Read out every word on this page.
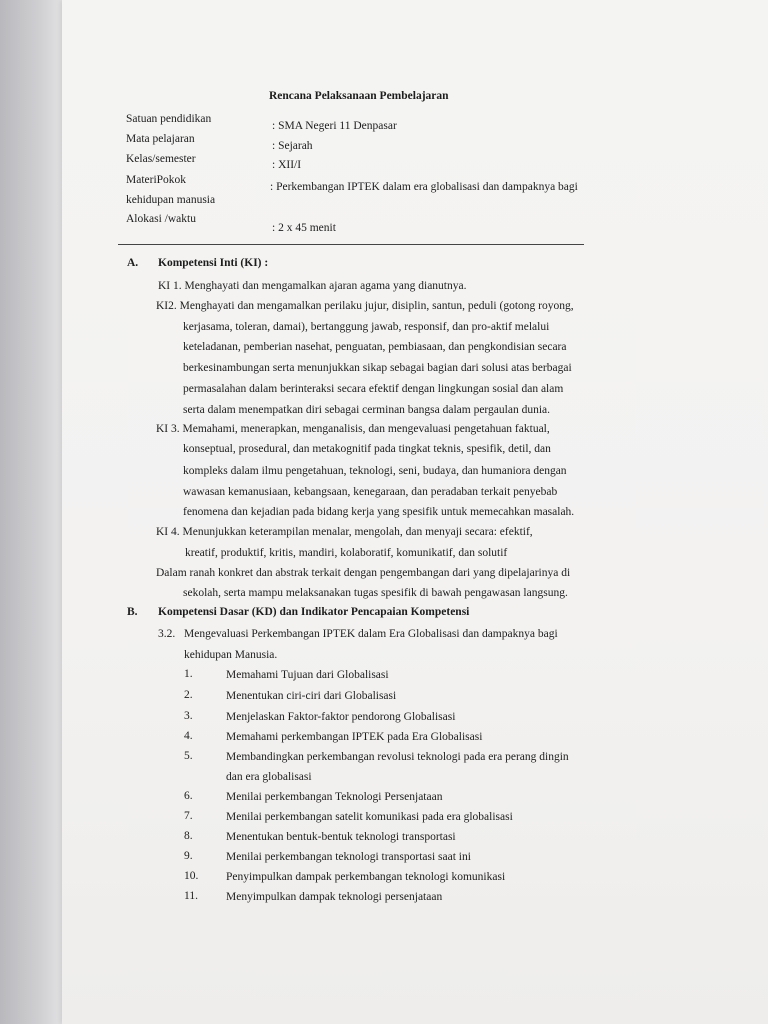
Rencana Pelaksanaan Pembelajaran
Satuan pendidikan
: SMA Negeri 11 Denpasar
Mata pelajaran
: Sejarah
Kelas/semester	: XII/I
MateriPokok
: Perkembangan IPTEK dalam era globalisasi dan dampaknya bagi
kehidupan manusia
Alokasi /waktu
: 2 x 45 menit
A. Kompetensi Inti (KI) :
KI 1. Menghayati dan mengamalkan ajaran agama yang dianutnya.
KI2. Menghayati dan mengamalkan perilaku jujur, disiplin, santun, peduli (gotong royong,
kerjasama, toleran, damai), bertanggung jawab, responsif, dan pro-aktif melalui
keteladanan, pemberian nasehat, penguatan, pembiasaan, dan pengkondisian secara
berkesinambungan serta menunjukkan sikap sebagai bagian dari solusi atas berbagai
permasalahan dalam berinteraksi secara efektif dengan lingkungan sosial dan alam
serta dalam menempatkan diri sebagai cerminan bangsa dalam pergaulan dunia.
KI 3. Memahami, menerapkan, menganalisis, dan mengevaluasi pengetahuan faktual,
konseptual, prosedural, dan metakognitif pada tingkat teknis, spesifik, detil, dan
kompleks dalam ilmu pengetahuan, teknologi, seni, budaya, dan humaniora dengan
wawasan kemanusiaan, kebangsaan, kenegaraan, dan peradaban terkait penyebab
fenomena dan kejadian pada bidang kerja yang spesifik untuk memecahkan masalah.
KI 4. Menunjukkan keterampilan menalar, mengolah, dan menyaji secara: efektif,
kreatif, produktif, kritis, mandiri, kolaboratif, komunikatif, dan solutif
Dalam ranah konkret dan abstrak terkait dengan pengembangan dari yang dipelajarinya di
sekolah, serta mampu melaksanakan tugas spesifik di bawah pengawasan langsung.
B. Kompetensi Dasar (KD) dan Indikator Pencapaian Kompetensi
3.2. Mengevaluasi Perkembangan IPTEK dalam Era Globalisasi dan dampaknya bagi
kehidupan Manusia.
1.	Memahami Tujuan dari Globalisasi
2.	Menentukan ciri-ciri dari Globalisasi
3.	Menjelaskan Faktor-faktor pendorong Globalisasi
4.	Memahami perkembangan IPTEK pada Era Globalisasi
5.	Membandingkan perkembangan revolusi teknologi pada era perang dingin
dan era globalisasi
6.	Menilai perkembangan Teknologi Persenjataan
7.	Menilai perkembangan satelit komunikasi pada era globalisasi
8.	Menentukan bentuk-bentuk teknologi transportasi
9.	Menilai perkembangan teknologi transportasi saat ini
10.	Penyimpulkan dampak perkembangan teknologi komunikasi
11.	Menyimpulkan dampak teknologi persenjataan
